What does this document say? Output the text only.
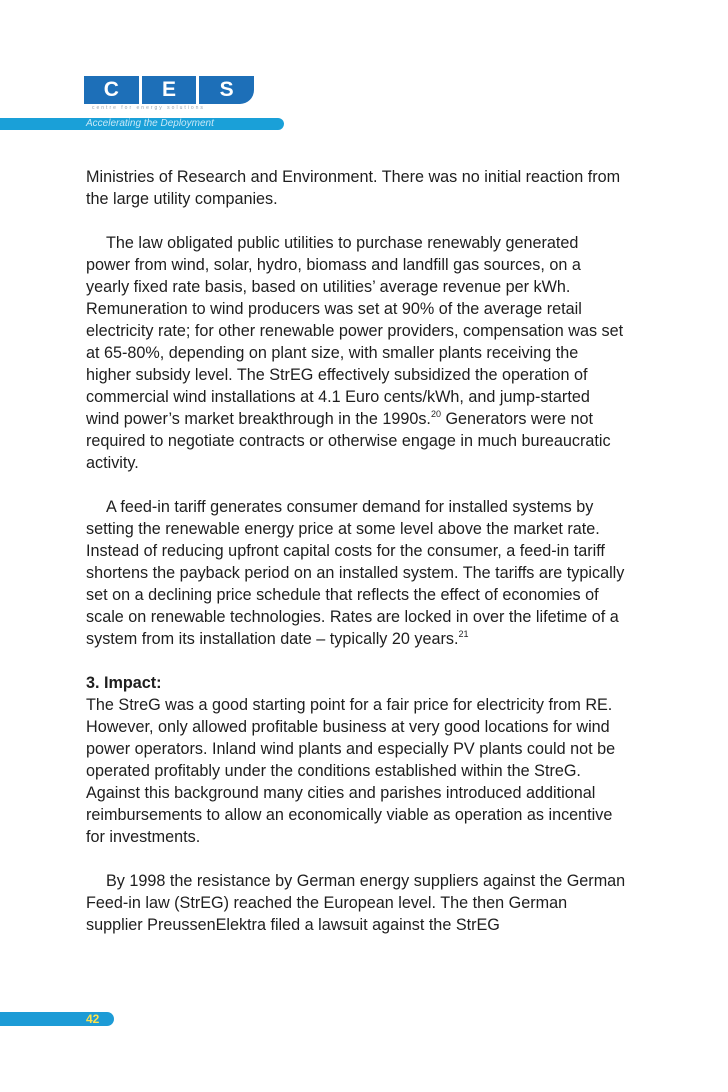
C	E	S
centre for energy solutions
Accelerating the Deployment

Ministries of Research and Environment. There was no initial reaction from the large utility companies.

The law obligated public utilities to purchase renewably generated power from wind, solar, hydro, biomass and landfill gas sources, on a yearly fixed rate basis, based on utilities’ average revenue per kWh. Remuneration to wind producers was set at 90% of the average retail electricity rate; for other renewable power providers, compensation was set at 65-80%, depending on plant size, with smaller plants receiving the higher subsidy level. The StrEG effectively subsidized the operation of commercial wind installations at 4.1 Euro cents/kWh, and jump-started wind power’s market breakthrough in the 1990s.$^{20}$ Generators were not required to negotiate contracts or otherwise engage in much bureaucratic activity.

A feed-in tariff generates consumer demand for installed systems by setting the renewable energy price at some level above the market rate. Instead of reducing upfront capital costs for the consumer, a feed-in tariff shortens the payback period on an installed system. The tariffs are typically set on a declining price schedule that reflects the effect of economies of scale on renewable technologies. Rates are locked in over the lifetime of a system from its installation date – typically 20 years.$^{21}$

3. Impact:
The StreG was a good starting point for a fair price for electricity from RE. However, only allowed profitable business at very good locations for wind power operators. Inland wind plants and especially PV plants could not be operated profitably under the conditions established within the StreG. Against this background many cities and parishes introduced additional reimbursements to allow an economically viable as operation as incentive for investments.

By 1998 the resistance by German energy suppliers against the German Feed-in law (StrEG) reached the European level. The then German supplier PreussenElektra filed a lawsuit against the StrEG

42
